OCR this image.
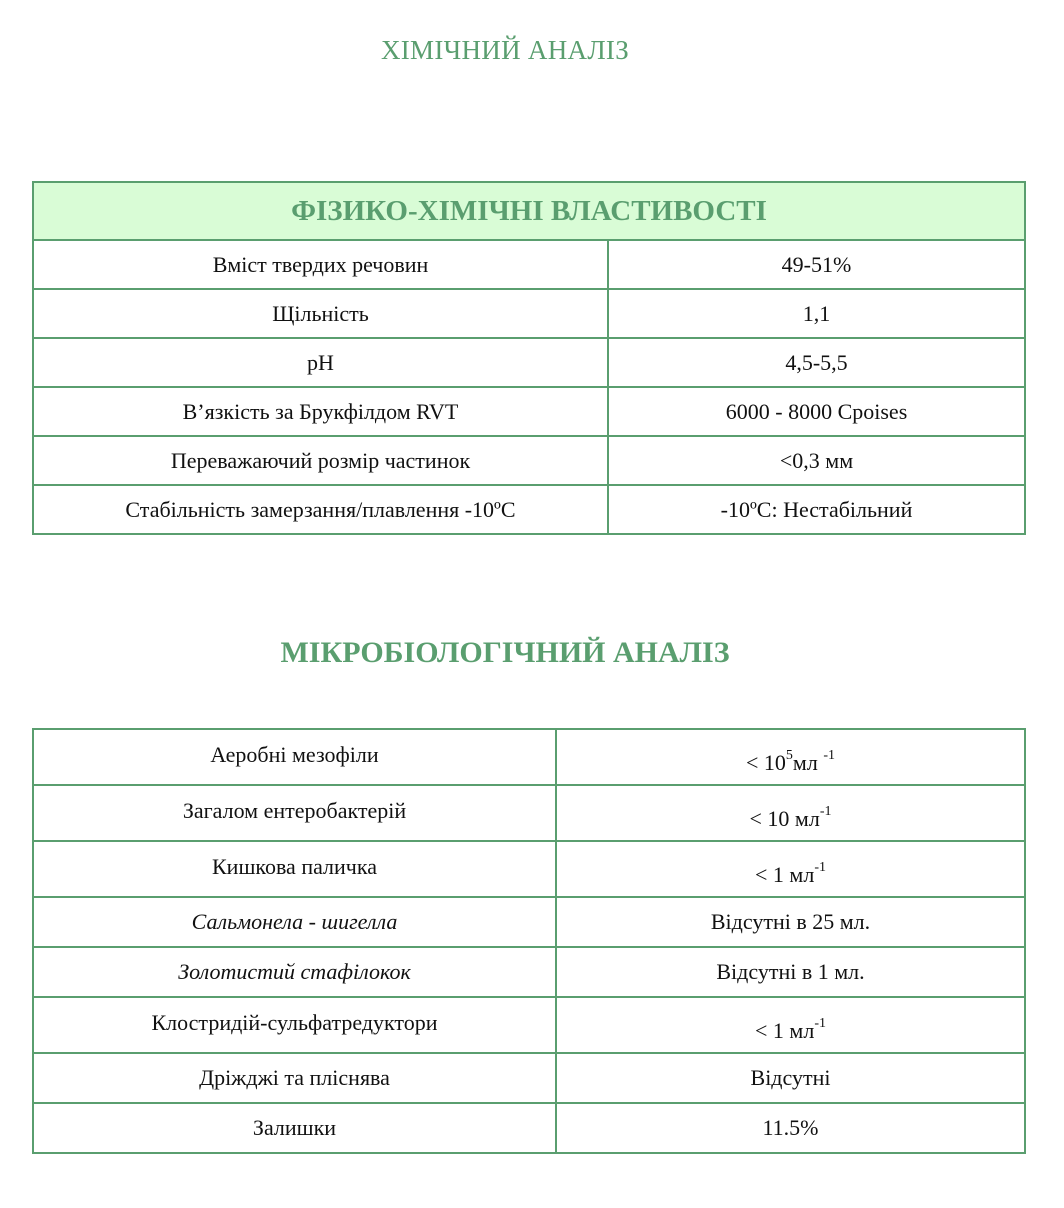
ХІМІЧНИЙ АНАЛІЗ
ФІЗИКО-ХІМІЧНІ ВЛАСТИВОСТІ	
Вміст твердих речовин	49-51%
Щільність	1,1
pH	4,5-5,5
В’язкість за Брукфілдом RVT	6000 - 8000 Cpoises
Переважаючий розмір частинок	<0,3 мм
Стабільність замерзання/плавлення -10ºC	-10ºC: Нестабільний
МІКРОБІОЛОГІЧНИЙ АНАЛІЗ
Аеробні мезофіли	< $10^5мл$ $^{-1}$
Загалом ентеробактерій	< 10 $мл^{-1}$
Кишкова паличка	< 1 $мл^{-1}$
Сальмонела - шигелла	Відсутні в 25 мл.
Золотистий стафілокок	Відсутні в 1 мл.
Клостридій-сульфатредуктори	< 1 $мл^{-1}$
Дріжджі та пліснява	Відсутні
Залишки	11.5%
